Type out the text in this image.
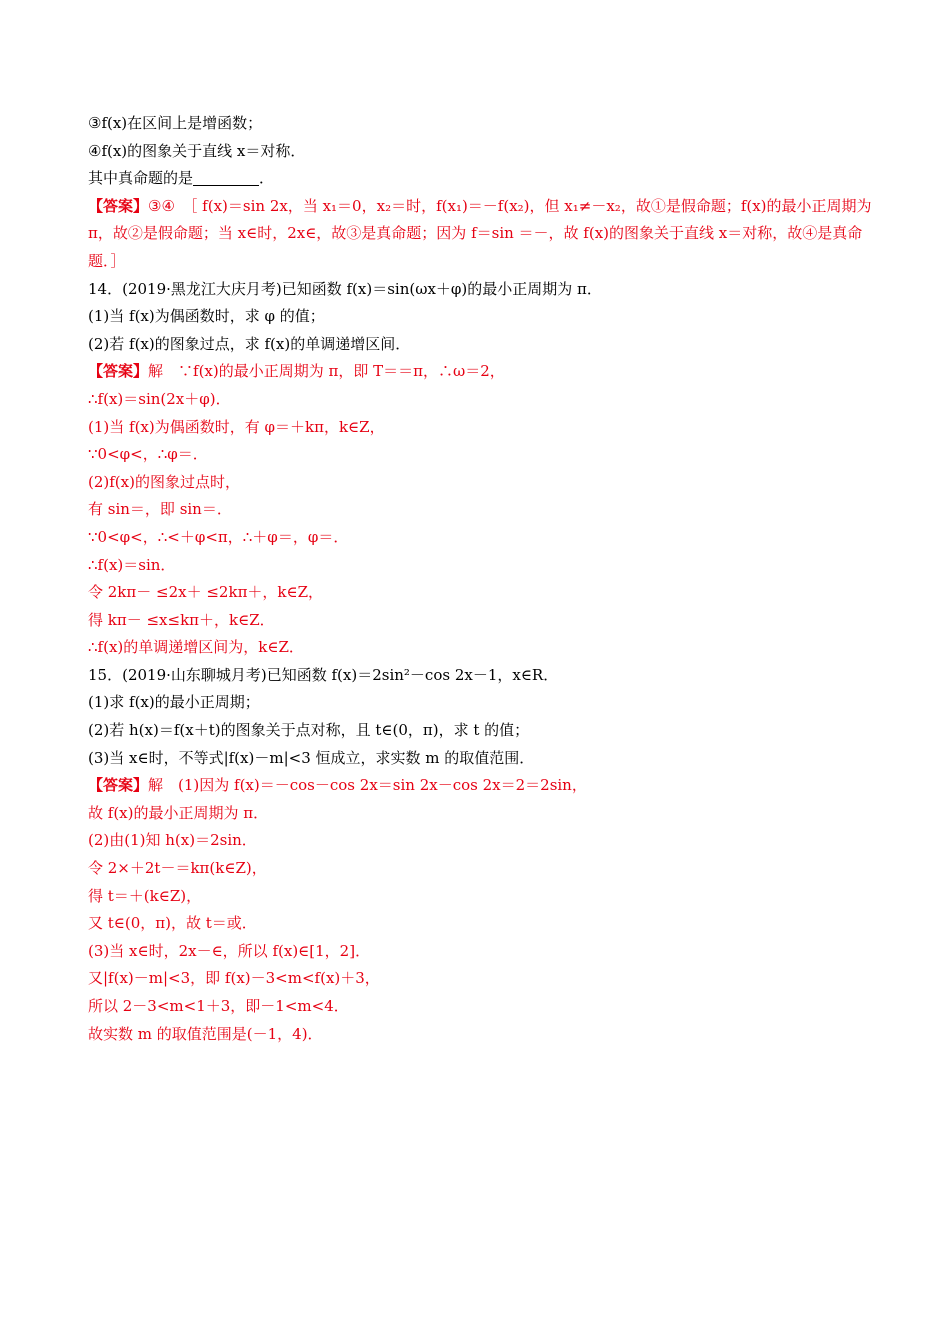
③f(x)在区间上是增函数；
④f(x)的图象关于直线 x＝对称．
其中真命题的是	．
【答案】③④　［ f(x)＝sin 2x，当 x₁＝0，x₂＝时，f(x₁)＝－f(x₂)，但 x₁≠－x₂，故①是假命题；f(x)的最小正周期为 π，故②是假命题；当 x∈时，2x∈，故③是真命题；因为 f＝sin ＝－，故 f(x)的图象关于直线 x＝对称，故④是真命题．］
14．(2019·黑龙江大庆月考)已知函数 f(x)＝sin(ωx＋φ)的最小正周期为 π．
(1)当 f(x)为偶函数时，求 φ 的值；
(2)若 f(x)的图象过点，求 f(x)的单调递增区间．
【答案】解　∵f(x)的最小正周期为 π，即 T＝＝π，∴ω＝2，
∴f(x)＝sin(2x＋φ)．
(1)当 f(x)为偶函数时，有 φ＝＋kπ，k∈Z，
∵0<φ<，∴φ＝．
(2)f(x)的图象过点时，
有 sin＝，即 sin＝．
∵0<φ<，∴<＋φ<π，∴＋φ＝，φ＝．
∴f(x)＝sin．
令 2kπ－ ≤2x＋ ≤2kπ＋，k∈Z，
得 kπ－ ≤x≤kπ＋，k∈Z．
∴f(x)的单调递增区间为，k∈Z．
15．(2019·山东聊城月考)已知函数 f(x)＝2sin²－cos 2x－1，x∈R．
(1)求 f(x)的最小正周期；
(2)若 h(x)＝f(x＋t)的图象关于点对称，且 t∈(0，π)，求 t 的值；
(3)当 x∈时，不等式|f(x)－m|<3 恒成立，求实数 m 的取值范围．
【答案】解　(1)因为 f(x)＝－cos－cos 2x＝sin 2x－cos 2x＝2＝2sin，
故 f(x)的最小正周期为 π．
(2)由(1)知 h(x)＝2sin．
令 2×＋2t－＝kπ(k∈Z)，
得 t＝＋(k∈Z)，
又 t∈(0，π)，故 t＝或．
(3)当 x∈时，2x－∈，所以 f(x)∈[1，2]．
又|f(x)－m|<3，即 f(x)－3<m<f(x)＋3，
所以 2－3<m<1＋3，即－1<m<4．
故实数 m 的取值范围是(－1，4)．
